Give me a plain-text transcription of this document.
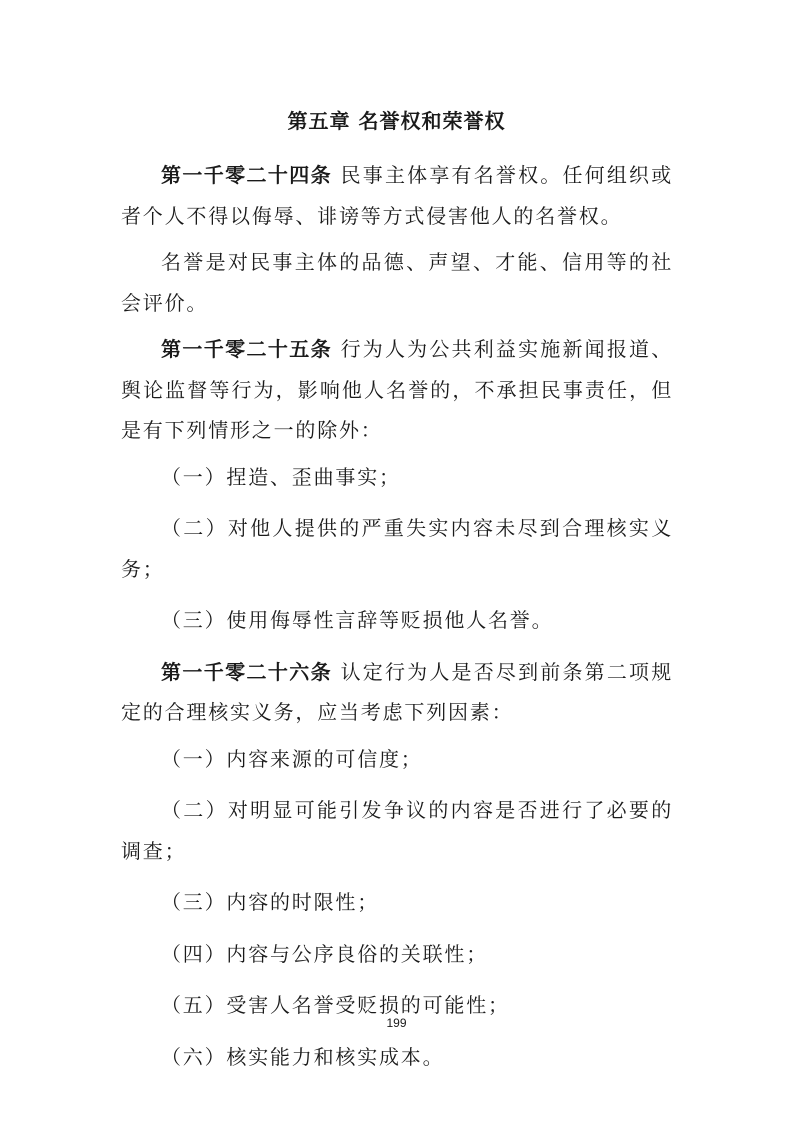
第五章 名誉权和荣誉权

第一千零二十四条 民事主体享有名誉权。任何组织或者个人不得以侮辱、诽谤等方式侵害他人的名誉权。

名誉是对民事主体的品德、声望、才能、信用等的社会评价。

第一千零二十五条 行为人为公共利益实施新闻报道、舆论监督等行为，影响他人名誉的，不承担民事责任，但是有下列情形之一的除外：

（一）捏造、歪曲事实；

（二）对他人提供的严重失实内容未尽到合理核实义务；

（三）使用侮辱性言辞等贬损他人名誉。

第一千零二十六条 认定行为人是否尽到前条第二项规定的合理核实义务，应当考虑下列因素：

（一）内容来源的可信度；

（二）对明显可能引发争议的内容是否进行了必要的调查；

（三）内容的时限性；

（四）内容与公序良俗的关联性；

（五）受害人名誉受贬损的可能性；

（六）核实能力和核实成本。

199
